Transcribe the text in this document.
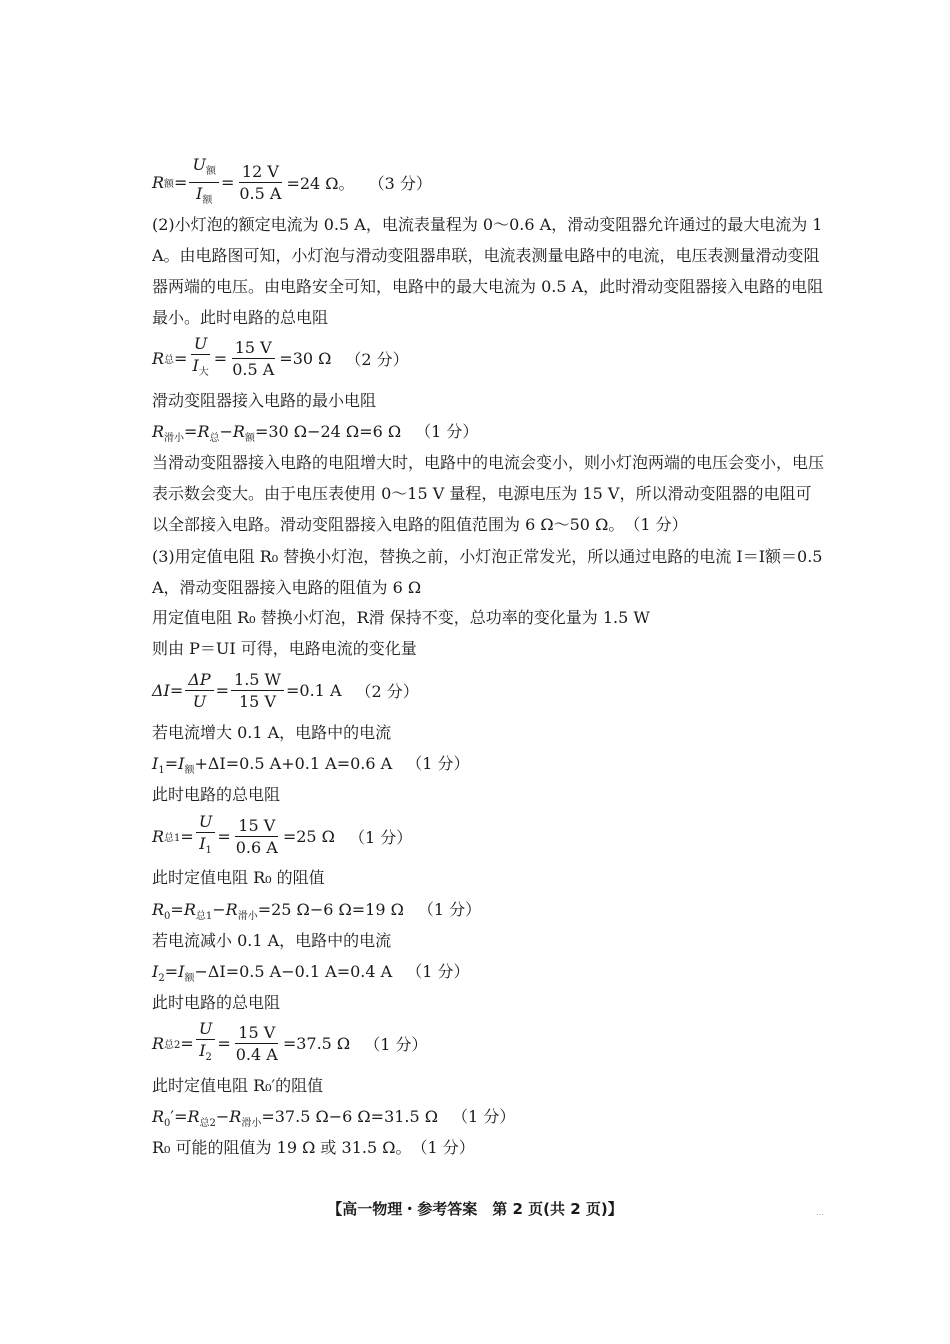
R 额 = $\frac{U_额}{I_额} = \frac{12 V}{0.5 A} =24$ Ω。 （3 分）
(2)小灯泡的额定电流为 0.5 A，电流表量程为 0～0.6 A，滑动变阻器允许通过的最大电流为 1 A。由电路图可知，小灯泡与滑动变阻器串联，电流表测量电路中的电流，电压表测量滑动变阻器两端的电压。由电路安全可知，电路中的最大电流为 0.5 A，此时滑动变阻器接入电路的电阻最小。此时电路的总电阻
R 总 = $\frac{U}{I_大} = \frac{15 V}{0.5 A} =30$ Ω （2 分）
滑动变阻器接入电路的最小电阻
$R_{滑小}=R_总-R_额=30$ Ω−24 Ω=6 Ω （1 分）
当滑动变阻器接入电路的电阻增大时，电路中的电流会变小，则小灯泡两端的电压会变小，电压表示数会变大。由于电压表使用 0～15 V 量程，电源电压为 15 V，所以滑动变阻器的电阻可以全部接入电路。滑动变阻器接入电路的阻值范围为 6 Ω～50 Ω。　（1 分）
(3)用定值电阻 R₀ 替换小灯泡，替换之前，小灯泡正常发光，所以通过电路的电流 I＝I额＝0.5 A，滑动变阻器接入电路的阻值为 6 Ω
用定值电阻 R₀ 替换小灯泡，R滑 保持不变，总功率的变化量为 1.5 W
则由 P＝UI 可得，电路电流的变化量
$\Delta I = \frac{\Delta P}{U} = \frac{1.5 W}{15 V} =0.1$ A （2 分）
若电流增大 0.1 A，电路中的电流
$I_1=I_额+\Delta I=0.5$ A+0.1 A=0.6 A （1 分）
此时电路的总电阻
R 总$1 = \frac{U}{I_1} = \frac{15 V}{0.6 A} =25$ Ω （1 分）
此时定值电阻 R₀ 的阻值
$R_0=R_{总1}-R_{滑小}=25$ Ω−6 Ω=19 Ω （1 分）
若电流减小 0.1 A，电路中的电流
$I_2=I_额-\Delta I=0.5$ A−0.1 A=0.4 A （1 分）
此时电路的总电阻
R 总$2 = \frac{U}{I_2} = \frac{15 V}{0.4 A} =37.5$ Ω （1 分）
此时定值电阻 R₀′的阻值
$R_0'=R_{总2}-R_{滑小}=37.5$ Ω−6 Ω=31.5 Ω （1 分）
R₀ 可能的阻值为 19 Ω 或 31.5 Ω。　（1 分）
【高一物理・参考答案　第 2 页(共 2 页)】	...
